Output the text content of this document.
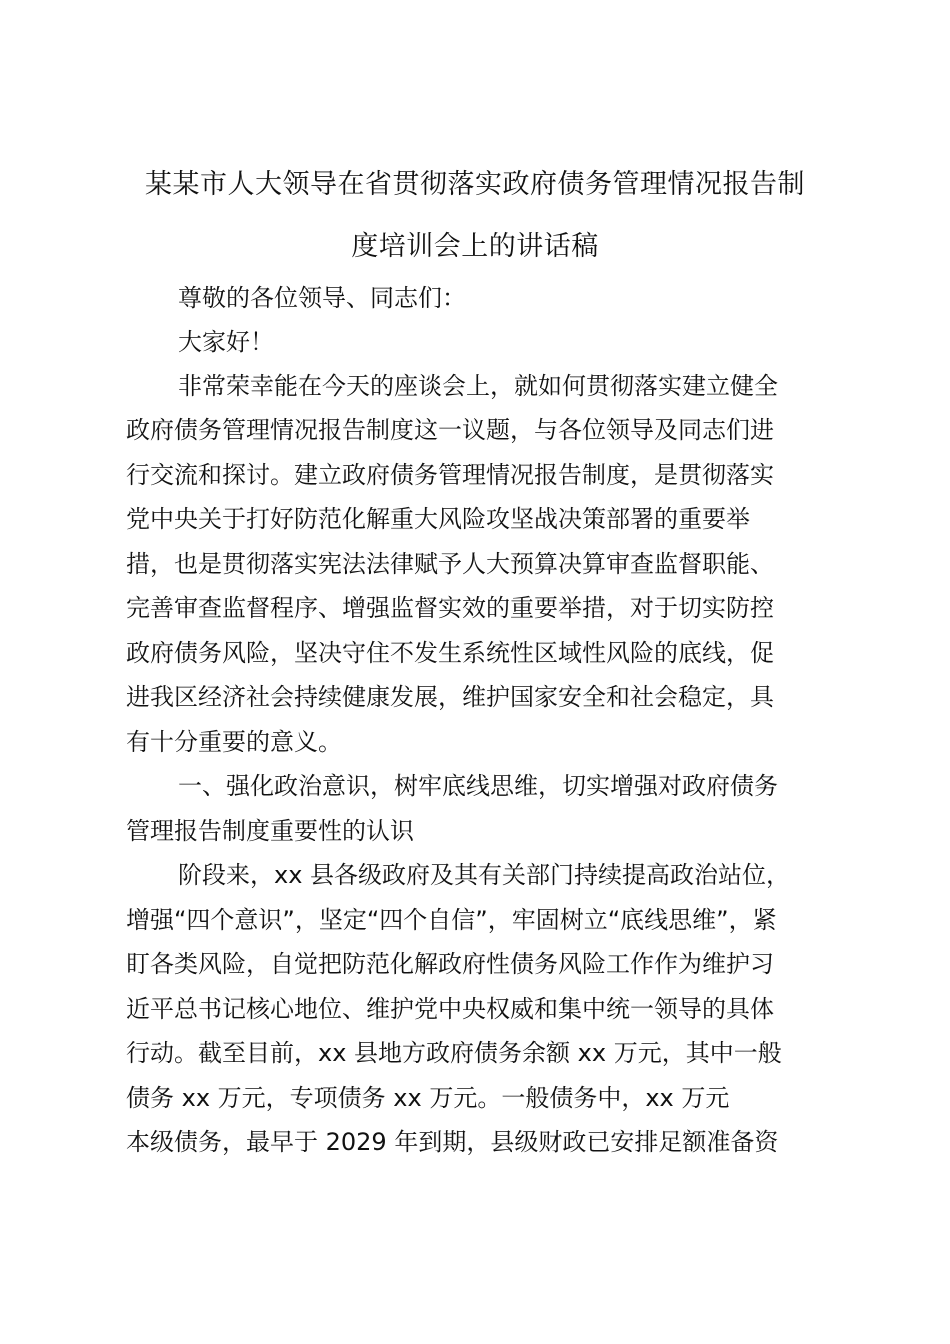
某某市人大领导在省贯彻落实政府债务管理情况报告制
度培训会上的讲话稿
尊敬的各位领导、同志们：
大家好！
非常荣幸能在今天的座谈会上，就如何贯彻落实建立健全
政府债务管理情况报告制度这一议题，与各位领导及同志们进
行交流和探讨。建立政府债务管理情况报告制度，是贯彻落实
党中央关于打好防范化解重大风险攻坚战决策部署的重要举
措，也是贯彻落实宪法法律赋予人大预算决算审查监督职能、
完善审查监督程序、增强监督实效的重要举措，对于切实防控
政府债务风险，坚决守住不发生系统性区域性风险的底线，促
进我区经济社会持续健康发展，维护国家安全和社会稳定，具
有十分重要的意义。
一、强化政治意识，树牢底线思维，切实增强对政府债务
管理报告制度重要性的认识
阶段来，xx 县各级政府及其有关部门持续提高政治站位，
增强“四个意识”，坚定“四个自信”，牢固树立“底线思维”，紧
盯各类风险，自觉把防范化解政府性债务风险工作作为维护习
近平总书记核心地位、维护党中央权威和集中统一领导的具体
行动。截至目前，xx 县地方政府债务余额 xx 万元，其中一般
债务 xx 万元，专项债务 xx 万元。一般债务中，xx 万元
本级债务，最早于 2029 年到期，县级财政已安排足额准备资
